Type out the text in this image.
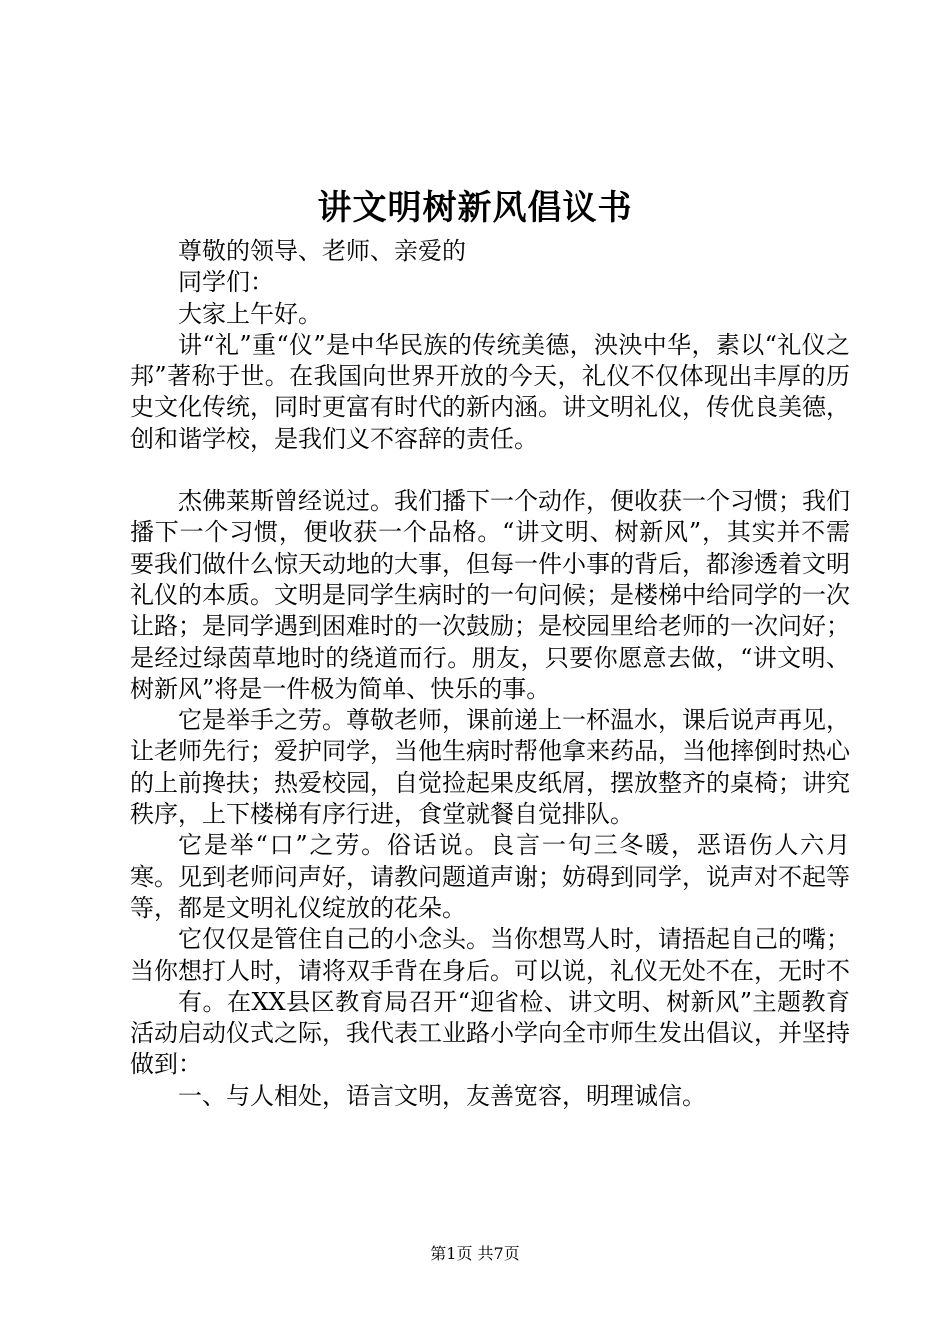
讲文明树新风倡议书

尊敬的领导、老师、亲爱的

同学们：

大家上午好。

讲“礼”重“仪”是中华民族的传统美德，泱泱中华，素以“礼仪之邦”著称于世。在我国向世界开放的今天，礼仪不仅体现出丰厚的历史文化传统，同时更富有时代的新内涵。讲文明礼仪，传优良美德，创和谐学校，是我们义不容辞的责任。

杰佛莱斯曾经说过。我们播下一个动作，便收获一个习惯；我们播下一个习惯，便收获一个品格。“讲文明、树新风”，其实并不需要我们做什么惊天动地的大事，但每一件小事的背后，都渗透着文明礼仪的本质。文明是同学生病时的一句问候；是楼梯中给同学的一次让路；是同学遇到困难时的一次鼓励；是校园里给老师的一次问好；是经过绿茵草地时的绕道而行。朋友，只要你愿意去做，“讲文明、树新风”将是一件极为简单、快乐的事。

它是举手之劳。尊敬老师，课前递上一杯温水，课后说声再见，让老师先行；爱护同学，当他生病时帮他拿来药品，当他摔倒时热心的上前搀扶；热爱校园，自觉捡起果皮纸屑，摆放整齐的桌椅；讲究秩序，上下楼梯有序行进，食堂就餐自觉排队。

它是举“口”之劳。俗话说。良言一句三冬暖，恶语伤人六月寒。见到老师问声好，请教问题道声谢；妨碍到同学，说声对不起等等，都是文明礼仪绽放的花朵。

它仅仅是管住自己的小念头。当你想骂人时，请捂起自己的嘴；当你想打人时，请将双手背在身后。可以说，礼仪无处不在，无时不

有。在XX县区教育局召开“迎省检、讲文明、树新风”主题教育活动启动仪式之际，我代表工业路小学向全市师生发出倡议，并坚持做到：

一、与人相处，语言文明，友善宽容，明理诚信。

第1页 共7页
